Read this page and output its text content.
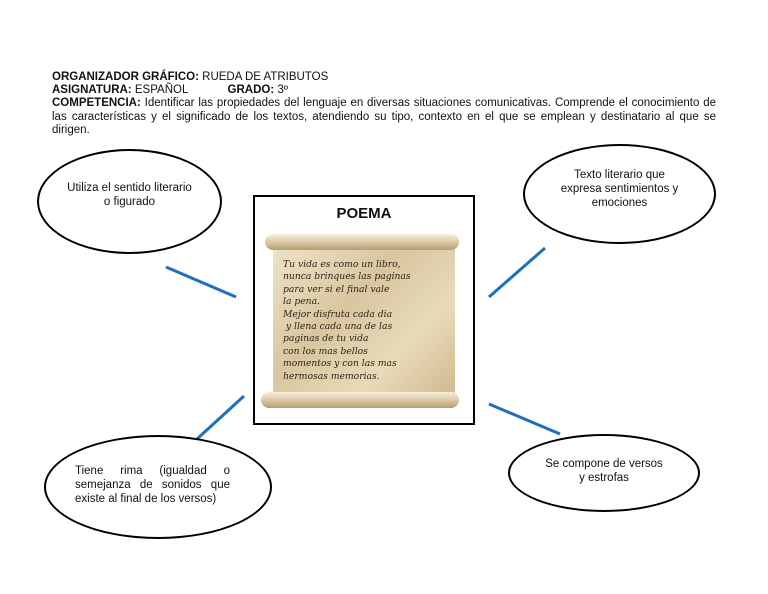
ORGANIZADOR GRÁFICO: RUEDA DE ATRIBUTOS
ASIGNATURA: ESPAÑOL	GRADO: 3º
COMPETENCIA: Identificar las propiedades del lenguaje en diversas situaciones comunicativas. Comprende el conocimiento de las características y el significado de los textos, atendiendo su tipo, contexto en el que se emplean y destinatario al que se dirigen.
Utiliza el sentido literario
o figurado
Texto literario que
expresa sentimientos y
emociones
Tiene rima (igualdad o
semejanza de sonidos que
existe al final de los versos)
Se compone de versos
y estrofas
POEMA
Tu vida es como un libro,
nunca brinques las paginas
para ver si el final vale
la pena.
Mejor disfruta cada dia
y llena cada una de las
paginas de tu vida
con los mas bellos
momentos y con las mas
hermosas memorias.
